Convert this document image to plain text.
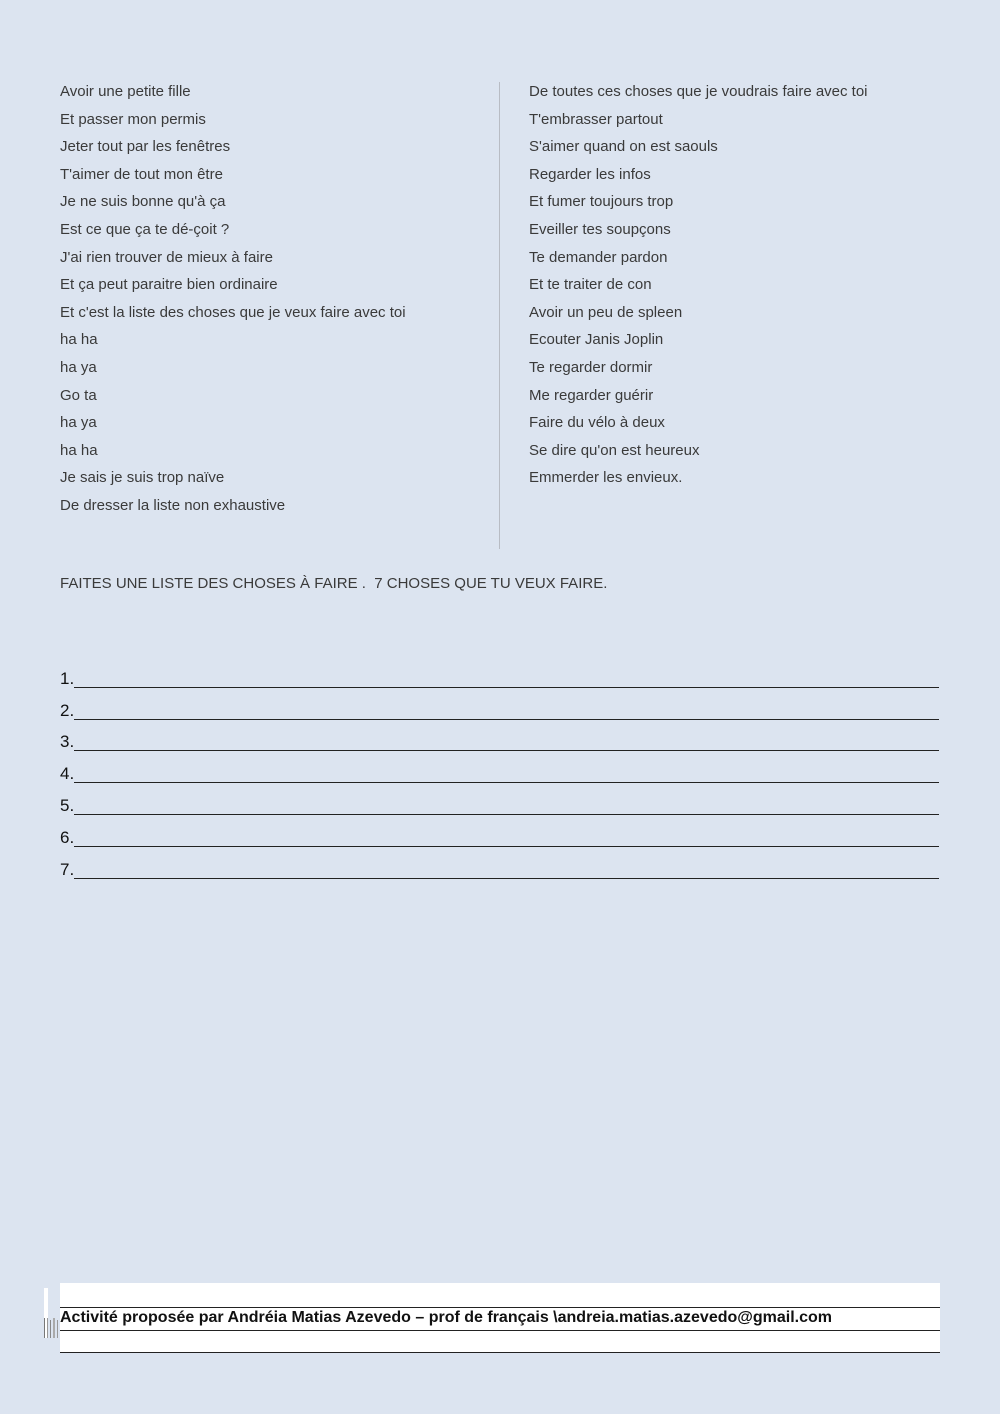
Avoir une petite fille
Et passer mon permis
Jeter tout par les fenêtres
T'aimer de tout mon être
Je ne suis bonne qu'à ça
Est ce que ça te dé-çoit ?
J'ai rien trouver de mieux à faire
Et ça peut paraitre bien ordinaire
Et c'est la liste des choses que je veux faire avec toi
ha ha
ha ya
Go ta
ha ya
ha ha
Je sais je suis trop naïve
De dresser la liste non exhaustive
De toutes ces choses que je voudrais faire avec toi
T'embrasser partout
S'aimer quand on est saouls
Regarder les infos
Et fumer toujours trop
Eveiller tes soupçons
Te demander pardon
Et te traiter de con
Avoir un peu de spleen
Ecouter Janis Joplin
Te regarder dormir
Me regarder guérir
Faire du vélo à deux
Se dire qu'on est heureux
Emmerder les envieux.
FAITES UNE LISTE DES CHOSES À FAIRE .  7 CHOSES QUE TU VEUX FAIRE.
1.
2.
3.
4.
5.
6.
7.
Activité proposée par Andréia Matias Azevedo – prof de français \andreia.matias.azevedo@gmail.com
